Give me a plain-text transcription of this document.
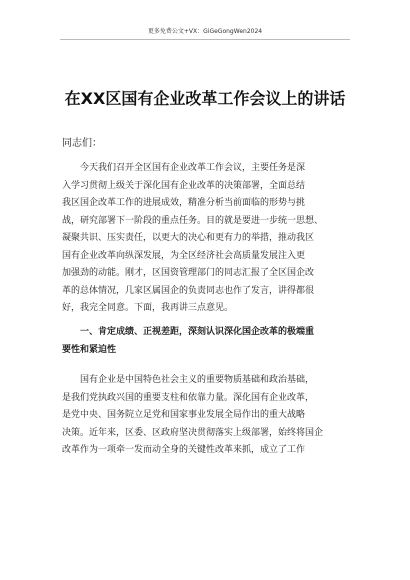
更多免费公文+VX：GiGeGongWen2024
在XX区国有企业改革工作会议上的讲话
同志们：
今天我们召开全区国有企业改革工作会议，主要任务是深
入学习贯彻上级关于深化国有企业改革的决策部署，全面总结
我区国企改革工作的进展成效，精准分析当前面临的形势与挑
战，研究部署下一阶段的重点任务。目的就是要进一步统一思想、
凝聚共识、压实责任，以更大的决心和更有力的举措，推动我区
国有企业改革向纵深发展，为全区经济社会高质量发展注入更
加强劲的动能。刚才，区国资管理部门的同志汇报了全区国企改
革的总体情况，几家区属国企的负责同志也作了发言，讲得都很
好，我完全同意。下面，我再讲三点意见。
一、肯定成绩、正视差距，深刻认识深化国企改革的极端重
要性和紧迫性
国有企业是中国特色社会主义的重要物质基础和政治基础，
是我们党执政兴国的重要支柱和依靠力量。深化国有企业改革，
是党中央、国务院立足党和国家事业发展全局作出的重大战略
决策。近年来，区委、区政府坚决贯彻落实上级部署，始终将国企
改革作为一项牵一发而动全身的关键性改革来抓，成立了工作
